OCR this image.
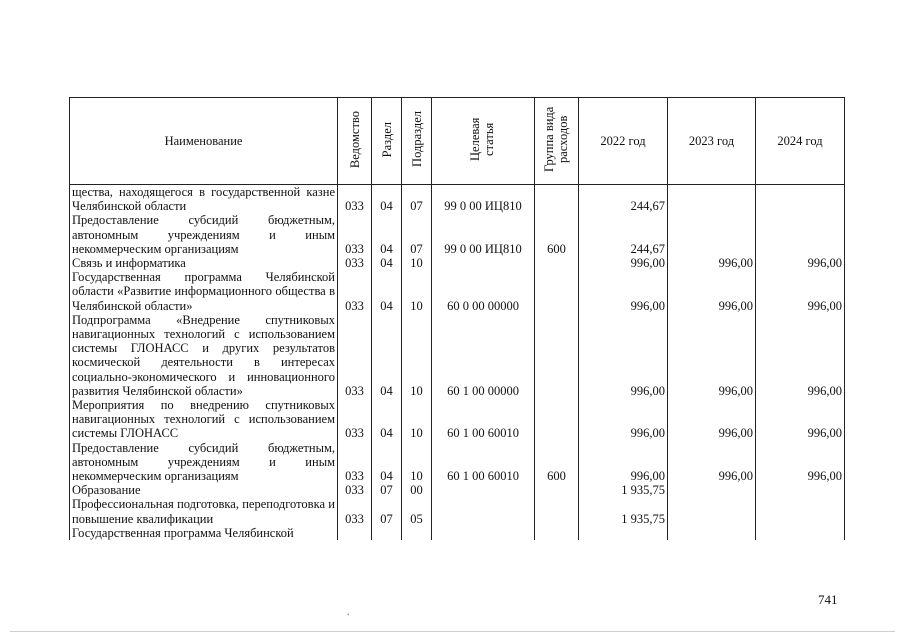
Наименование	Ведомство	Раздел	Подраздел	Целевая статья	Группа вида расходов	2022 год	2023 год	2024 год
щества, находящегося в государственной казне Челябинской области	033	04	07	99 0 00 ИЦ810		244,67		
Предоставление субсидий бюджетным, автономным учреждениям и иным некоммерческим организациям	033	04	07	99 0 00 ИЦ810	600	244,67		
Связь и информатика	033	04	10			996,00	996,00	996,00
Государственная программа Челябинской области «Развитие информационного общества в Челябинской области»	033	04	10	60 0 00 00000		996,00	996,00	996,00
Подпрограмма «Внедрение спутниковых навигационных технологий с использованием системы ГЛОНАСС и других результатов космической деятельности в интересах социально-экономического и инновационного развития Челябинской области»	033	04	10	60 1 00 00000		996,00	996,00	996,00
Мероприятия по внедрению спутниковых навигационных технологий с использованием системы ГЛОНАСС	033	04	10	60 1 00 60010		996,00	996,00	996,00
Предоставление субсидий бюджетным, автономным учреждениям и иным некоммерческим организациям	033	04	10	60 1 00 60010	600	996,00	996,00	996,00
Образование	033	07	00			1 935,75		
Профессиональная подготовка, переподготовка и повышение квалификации	033	07	05			1 935,75		
Государственная программа Челябинской								
•
741
